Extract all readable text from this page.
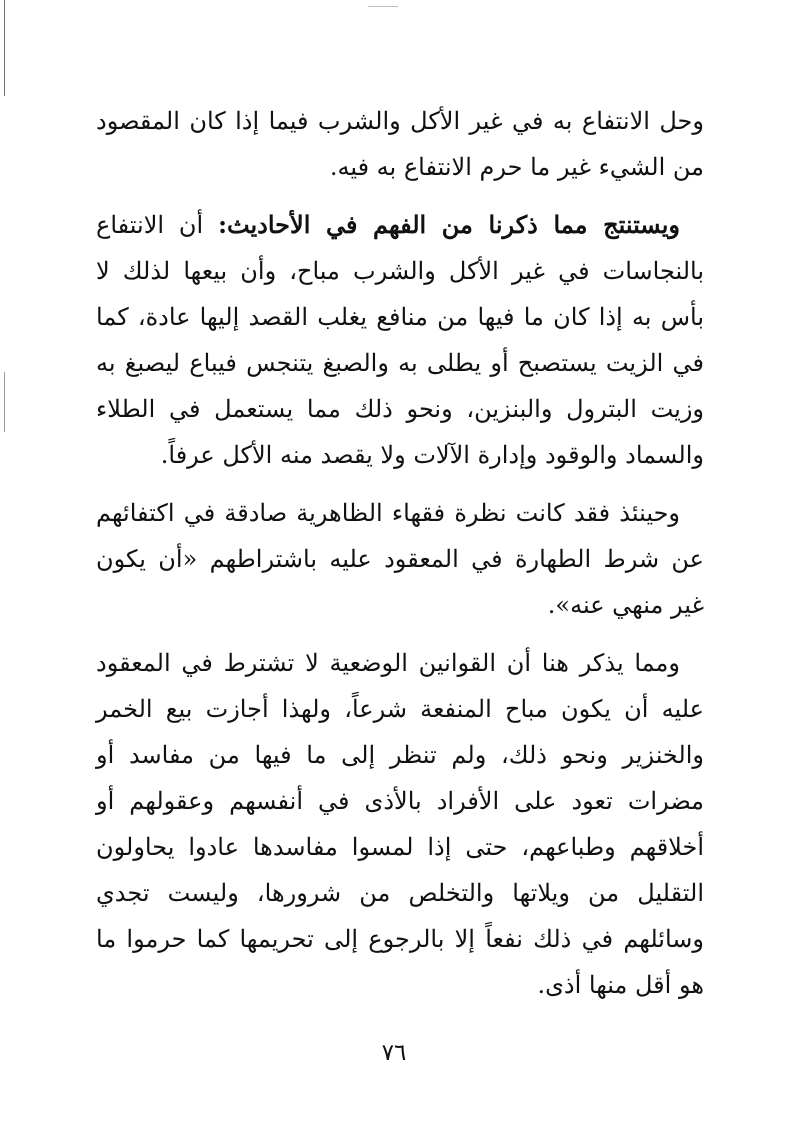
وحل الانتفاع به في غير الأكل والشرب فيما إذا كان المقصود من الشيء غير ما حرم الانتفاع به فيه.

ويستنتج مما ذكرنا من الفهم في الأحاديث: أن الانتفاع بالنجاسات في غير الأكل والشرب مباح، وأن بيعها لذلك لا بأس به إذا كان ما فيها من منافع يغلب القصد إليها عادة، كما في الزيت يستصبح أو يطلى به والصبغ يتنجس فيباع ليصبغ به وزيت البترول والبنزين، ونحو ذلك مما يستعمل في الطلاء والسماد والوقود وإدارة الآلات ولا يقصد منه الأكل عرفاً.

وحينئذ فقد كانت نظرة فقهاء الظاهرية صادقة في اكتفائهم عن شرط الطهارة في المعقود عليه باشتراطهم «أن يكون غير منهي عنه».

ومما يذكر هنا أن القوانين الوضعية لا تشترط في المعقود عليه أن يكون مباح المنفعة شرعاً، ولهذا أجازت بيع الخمر والخنزير ونحو ذلك، ولم تنظر إلى ما فيها من مفاسد أو مضرات تعود على الأفراد بالأذى في أنفسهم وعقولهم أو أخلاقهم وطباعهم، حتى إذا لمسوا مفاسدها عادوا يحاولون التقليل من ويلاتها والتخلص من شرورها، وليست تجدي وسائلهم في ذلك نفعاً إلا بالرجوع إلى تحريمها كما حرموا ما هو أقل منها أذى.

٧٦
